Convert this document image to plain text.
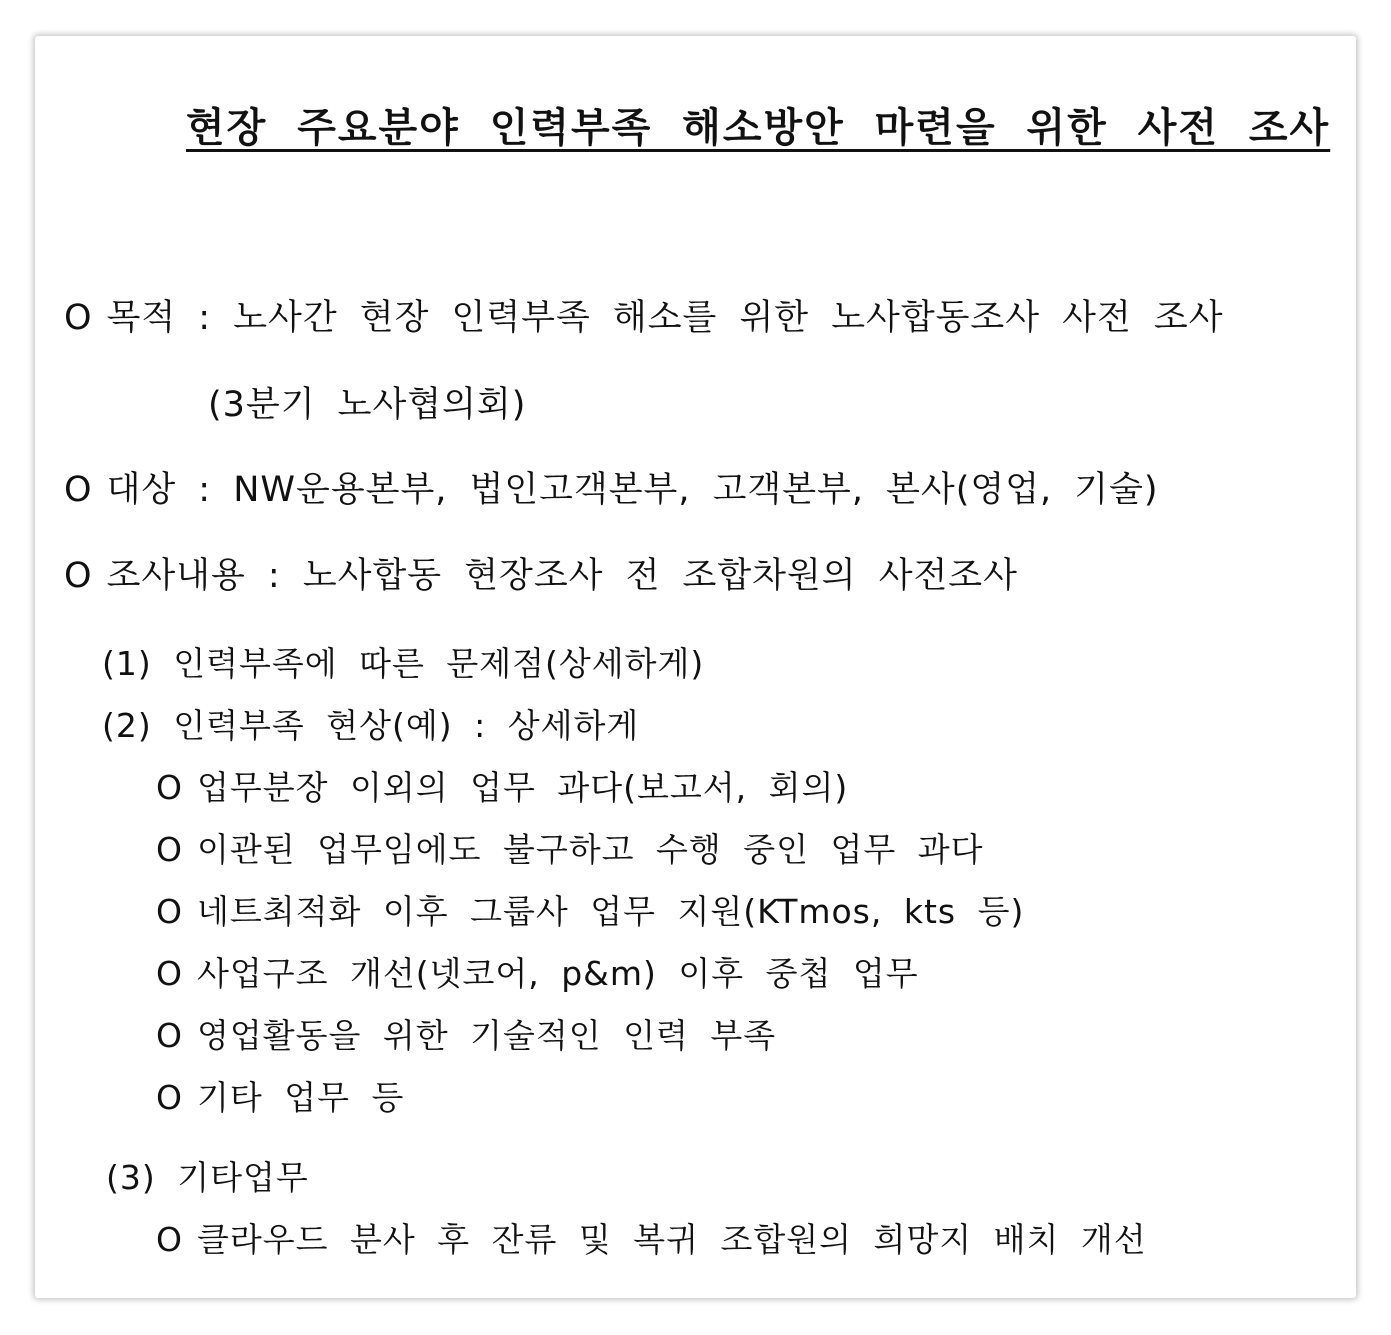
현장 주요분야 인력부족 해소방안 마련을 위한 사전 조사
O 목적 : 노사간 현장 인력부족 해소를 위한 노사합동조사 사전 조사
(3분기 노사협의회)
O 대상 : NW운용본부, 법인고객본부, 고객본부, 본사(영업, 기술)
O 조사내용 : 노사합동 현장조사 전 조합차원의 사전조사
(1) 인력부족에 따른 문제점(상세하게)
(2) 인력부족 현상(예) : 상세하게
O 업무분장 이외의 업무 과다(보고서, 회의)
O 이관된 업무임에도 불구하고 수행 중인 업무 과다
O 네트최적화 이후 그룹사 업무 지원(KTmos, kts 등)
O 사업구조 개선(넷코어, p&m) 이후 중첩 업무
O 영업활동을 위한 기술적인 인력 부족
O 기타 업무 등
(3) 기타업무
O 클라우드 분사 후 잔류 및 복귀 조합원의 희망지 배치 개선
